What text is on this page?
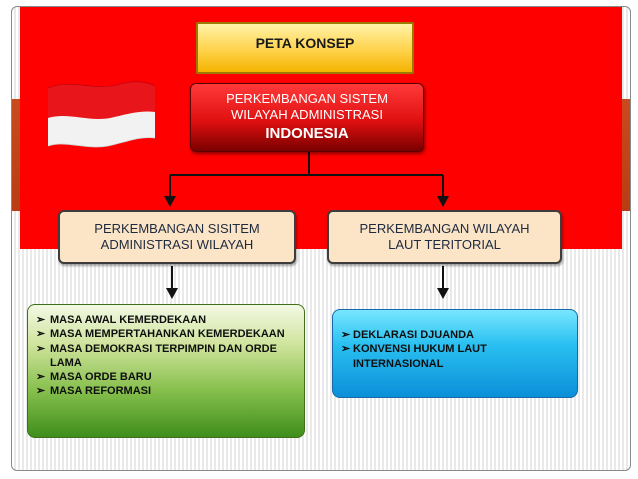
PETA KONSEP
PERKEMBANGAN SISTEM
WILAYAH ADMINISTRASI
INDONESIA
PERKEMBANGAN SISITEM
ADMINISTRASI WILAYAH
PERKEMBANGAN WILAYAH
LAUT TERITORIAL
➢ MASA AWAL KEMERDEKAAN
➢ MASA MEMPERTAHANKAN KEMERDEKAAN
➢ MASA DEMOKRASI TERPIMPIN DAN ORDE LAMA
➢ MASA ORDE BARU
➢ MASA REFORMASI
➢ DEKLARASI DJUANDA
➢ KONVENSI HUKUM LAUT INTERNASIONAL
